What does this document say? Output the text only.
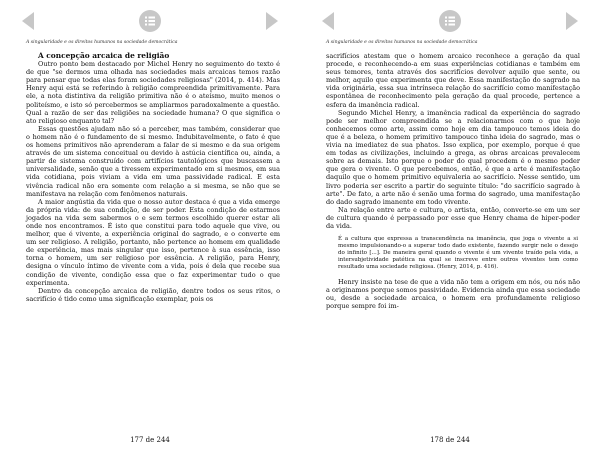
A singularidade e os direitos humanos na sociedade democrática

A concepção arcaica de religião

Outro ponto bem destacado por Michel Henry no seguimento do texto é de que "se dermos uma olhada nas sociedades mais arcaicas temos razão para pensar que todas elas foram sociedades religiosas" (2014, p. 414). Mas Henry aqui está se referindo à religião compreendida primitivamente. Para ele, a nota distintiva da religião primitiva não é o ateísmo, muito menos o politeísmo, e isto só percebermos se ampliarmos paradoxalmente a questão. Qual a razão de ser das religiões na sociedade humana? O que significa o ato religioso enquanto tal?

Essas questões ajudam não só a perceber, mas também, considerar que o homem não é o fundamento de si mesmo. Indubitavelmente, o fato é que os homens primitivos não aprenderam a falar de si mesmo e da sua origem através de um sistema conceitual ou devido à astúcia científica ou, ainda, a partir de sistema construído com artifícios tautológicos que buscassem a universalidade, senão que a tivessem experimentado em si mesmos, em sua vida cotidiana, pois viviam a vida em uma passividade radical. E esta vivência radical não era somente com relação a si mesma, se não que se manifestava na relação com fenômenos naturais.

A maior angústia da vida que o nosso autor destaca é que a vida emerge da própria vida: de sua condição, de ser poder. Esta condição de estarmos jogados na vida sem sabermos o e sem termos escolhido querer estar ali onde nos encontramos. É isto que constitui para todo aquele que vive, ou melhor, que é vivente, a experiência original do sagrado, e o converte em um ser religioso. A religião, portanto, não pertence ao homem em qualidade de experiência, mas mais singular que isso, pertence à sua essência, isso torna o homem, um ser religioso por essência. A religião, para Henry, designa o vínculo íntimo de vivente com a vida, pois é dela que recebe sua condição de vivente, condição essa que o faz experimentar tudo o que experimenta.

Dentro da concepção arcaica de religião, dentre todos os seus ritos, o sacrifício é tido como uma significação exemplar, pois os

177 de 244
A singularidade e os direitos humanos na sociedade democrática

sacrifícios atestam que o homem arcaico reconhece a geração da qual procede, e reconhecendo-a em suas experiências cotidianas e também em seus temores, tenta através dos sacrifícios devolver aquilo que sente, ou melhor, aquilo que experimenta que deve. Essa manifestação do sagrado na vida originária, essa sua intrínseca relação do sacrifício como manifestação espontânea de reconhecimento pela geração da qual procede, pertence a esfera da imanência radical.

Segundo Michel Henry, a imanência radical da experiência do sagrado pode ser melhor compreendida se a relacionarmos com o que hoje conhecemos como arte, assim como hoje em dia tampouco temos ideia do que é a beleza, o homem primitivo tampouco tinha ideia do sagrado, mas o vivia na imediatez de sua phatos. Isso explica, por exemplo, porque é que em todas as civilizações, incluindo a grega, as obras arcaicas prevalecem sobre as demais. Isto porque o poder do qual procedem é o mesmo poder que gera o vivente. O que percebemos, então, é que a arte é manifestação daquilo que o homem primitivo equivaleria ao sacrifício. Nesse sentido, um livro poderia ser escrito a partir do seguinte título: "do sacrifício sagrado à arte". De fato, a arte não é senão uma forma do sagrado, uma manifestação do dado sagrado imanente em todo vivente.

Na relação entre arte e cultura, o artista, então, converte-se em um ser de cultura quando é perpassado por esse que Henry chama de hiper-poder da vida.

É a cultura que expressa a transcendência na imanência, que joga o vivente a si mesmo impulsionando-o a superar todo dado existente, fazendo surgir nele o desejo do infinito [...]. De maneira geral quando o vivente é um vivente traído pela vida, a intersubjetividade patética na qual se inscreve entre outros viventes tem como resultado uma sociedade religiosa. (Henry, 2014, p. 416).

Henry insiste na tese de que a vida não tem a origem em nós, ou nós não a originamos porque somos passividade. Evidencia ainda que essa sociedade ou, desde a sociedade arcaica, o homem era profundamente religioso porque sempre foi im-

178 de 244
